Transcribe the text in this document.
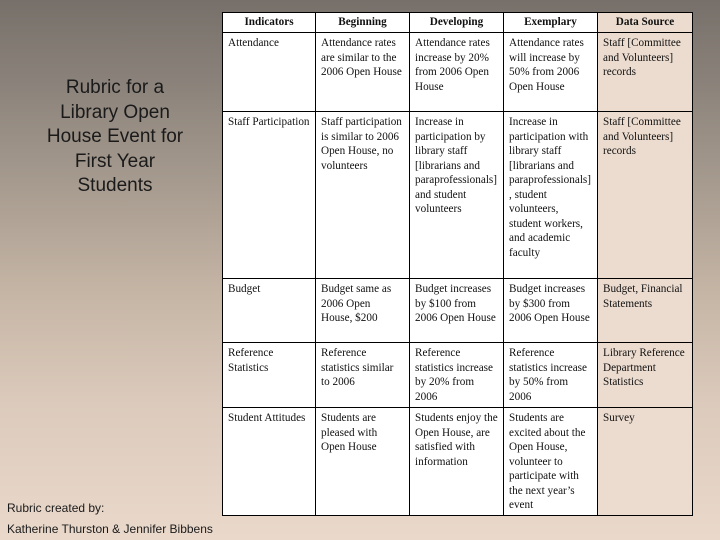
Rubric for a Library Open House Event for First Year Students
Indicators	Beginning	Developing	Exemplary	Data Source
Attendance	Attendance rates are similar to the 2006 Open House	Attendance rates increase by 20% from 2006 Open House	Attendance rates will increase by 50% from 2006 Open House	Staff [Committee and Volunteers] records
Staff Participation	Staff participation is similar to 2006 Open House, no volunteers	Increase in participation by library staff [librarians and paraprofessionals] and student volunteers	Increase in participation with library staff [librarians and paraprofessionals], student volunteers, student workers, and academic faculty	Staff [Committee and Volunteers] records
Budget	Budget same as 2006 Open House, $200	Budget increases by $100 from 2006 Open House	Budget increases by $300 from 2006 Open House	Budget, Financial Statements
Reference Statistics	Reference statistics similar to 2006	Reference statistics increase by 20% from 2006	Reference statistics increase by 50% from 2006	Library Reference Department Statistics
Student Attitudes	Students are pleased with Open House	Students enjoy the Open House, are satisfied with information	Students are excited about the Open House, volunteer to participate with the next year’s event	Survey
Rubric created by:
Katherine Thurston & Jennifer Bibbens
